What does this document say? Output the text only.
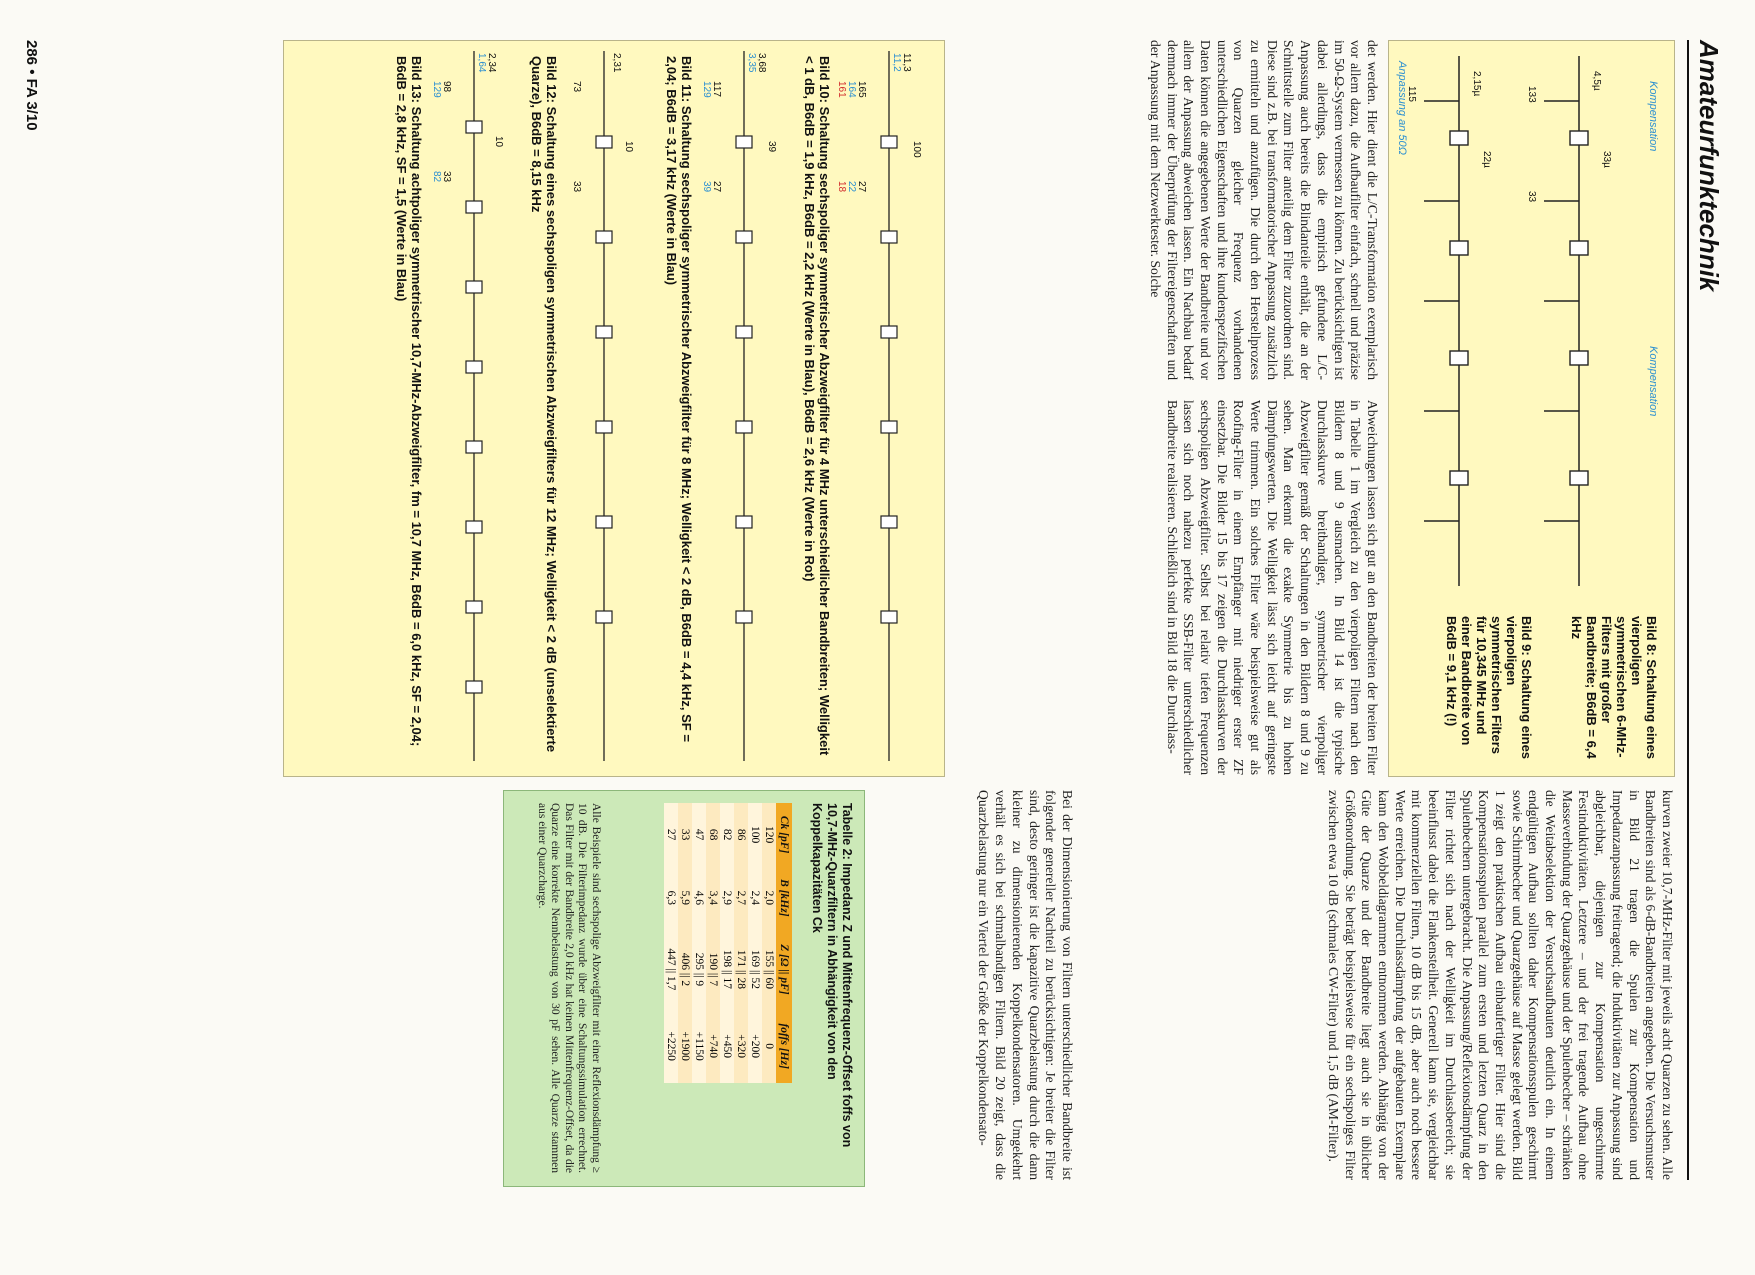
Amateurfunktechnik
Kompensation
Kompensation
4,5µ
33µ
133
33
2,15µ
22µ
115
Anpassung an 50Ω
Bild 8: Schaltung eines vierpoligen symmetrischen 6-MHz-Filters mit großer Bandbreite; B6dB = 6,4 kHz
Bild 9: Schaltung eines vierpoligen symmetrischen Filters für 10,345 MHz und einer Bandbreite von B6dB = 9,1 kHz (!)

det werden. Hier dient die L/C-Transformation exemplarisch vor allem dazu, die Aufbaufilter einfach, schnell und präzise im 50-Ω-System vermessen zu können. Zu berücksichtigen ist dabei allerdings, dass die empirisch gefundene L/C-Anpassung auch bereits die Blindanteile enthält, die an der Schnittstelle zum Filter anteilig dem Filter zuzuordnen sind. Diese sind z.B. bei transformatorischer Anpassung zusätzlich zu ermitteln und anzufügen. Die durch den Herstellprozess von Quarzen gleicher Frequenz vorhandenen unterschiedlichen Eigenschaften und ihre kundenspezifischen Daten können die angegebenen Werte der Bandbreite und vor allem der Anpassung abweichen lassen. Ein Nachbau bedarf demnach immer der Überprüfung der Filtereigenschaften und der Anpassung mit dem Netzwerktester. Solche

Abweichungen lassen sich gut an den Bandbreiten der breiten Filter in Tabelle 1 im Vergleich zu den vierpoligen Filtern nach den Bildern 8 und 9 ausmachen. In Bild 14 ist die typische Durchlasskurve breitbandiger, symmetrischer vierpoliger Abzweigfilter gemäß der Schaltungen in den Bildern 8 und 9 zu sehen. Man erkennt die exakte Symmetrie bis zu hohen Dämpfungswerten. Die Welligkeit lässt sich leicht auf geringste Werte trimmen. Ein solches Filter wäre beispielsweise gut als Roofing-Filter in einem Empfänger mit niedriger erster ZF einsetzbar. Die Bilder 15 bis 17 zeigen die Durchlasskurven der sechspoligen Abzweigfilter. Selbst bei relativ tiefen Frequenzen lassen sich noch nahezu perfekte SSB-Filter unterschiedlicher Bandbreite realisieren. Schließlich sind in Bild 18 die Durchlass-

11,3
11,2
100
165
164
161
27
22
18
3,68
3,35
39
117
129
27
39
2,31
10
73
33
2,34
1,64
10
98
129
33
82	Bild 10: Schaltung sechspoliger symmetrischer Abzweigfilter für 4 MHz unterschiedlicher Bandbreiten; Welligkeit < 1 dB, B6dB = 1,9 kHz, B6dB = 2,2 kHz (Werte in Blau), B6dB = 2,6 kHz (Werte in Rot)
Bild 11: Schaltung sechspoliger symmetrischer Abzweigfilter für 8 MHz; Welligkeit < 2 dB, B6dB = 4,4 kHz, SF = 2,04; B6dB = 3,17 kHz (Werte in Blau)
Bild 12: Schaltung eines sechspoligen symmetrischen Abzweigfilters für 12 MHz; Welligkeit < 2 dB (unselektierte Quarze), B6dB = 8,15 kHz
Bild 13: Schaltung achtpoliger symmetrischer 10,7-MHz-Abzweigfilter, fm = 10,7 MHz, B6dB = 6,0 kHz, SF = 2,04; B6dB = 2,8 kHz, SF = 1,5 (Werte in Blau)

kurven zweier 10,7-MHz-Filter mit jeweils acht Quarzen zu sehen. Alle Bandbreiten sind als 6-dB-Bandbreiten angegeben. Die Versuchsmuster in Bild 21 tragen die Spulen zur Kompensation und Impedanzanpassung freitragend; die Induktivitäten zur Anpassung sind abgleichbar, diejenigen zur Kompensation ungeschirmte Festinduktivitäten. Letztere – und der frei tragende Aufbau ohne Masseverbindung der Quarzgehäuse und der Spulenbecher – schränken die Weitabselektion der Versuchsaufbauten deutlich ein. In einem endgültigen Aufbau sollten daher Kompensationsspulen geschirmt sowie Schirmbecher und Quarzgehäuse auf Masse gelegt werden. Bild 1 zeigt den praktischen Aufbau einbaufertiger Filter. Hier sind die Kompensationsspulen parallel zum ersten und letzten Quarz in den Spulenbechern untergebracht. Die Anpassung/Reflexionsdämpfung der Filter richtet sich nach der Welligkeit im Durchlassbereich; sie beeinflusst dabei die Flankensteilheit. Generell kann sie, vergleichbar mit kommerziellen Filtern, 10 dB bis 15 dB, aber auch noch bessere Werte erreichen. Die Durchlassdämpfung der aufgebauten Exemplare kann den Wobbeldiagrammen entnommen werden. Abhängig von der Güte der Quarze und der Bandbreite liegt auch sie in üblicher Größenordnung. Sie beträgt beispielsweise für ein sechspoliges Filter zwischen etwa 10 dB (schmales CW-Filter) und 1,5 dB (AM-Filter).

Bei der Dimensionierung von Filtern unterschiedlicher Bandbreite ist folgender genereller Nachteil zu berücksichtigen: Je breiter die Filter sind, desto geringer ist die kapazitive Quarzbelastung durch die dann kleiner zu dimensionierenden Koppelkondensatoren. Umgekehrt verhält es sich bei schmalbandigen Filtern. Bild 20 zeigt, dass die Quarzbelastung nur ein Viertel der Größe der Koppelkondensato-

Tabelle 2: Impedanz Z und Mittenfrequenz-Offset foffs von 10,7-MHz-Quarzfiltern in Abhängigkeit von den Koppelkapazitäten Ck
Ck [pF]	B [kHz]	Z [Ω || pF]	foffs [Hz]
120	2,0	155 || 60	0
100	2,4	169 || 52	+200
86	2,7	171 || 28	+320
82	2,9	198 || 17	+450
68	3,4	190 || 7	+740
47	4,6	295 || 9	+1150
33	5,9	406 || 2	+1900
27	6,3	447 || 1,7	+2250
Alle Beispiele sind sechspolige Abzweigfilter mit einer Reflexionsdämpfung ≥ 10 dB. Die Filterimpedanz wurde über eine Schaltungssimulation errechnet. Das Filter mit der Bandbreite 2,0 kHz hat keinen Mittenfrequenz-Offset, da die Quarze eine korrekte Nennbelastung von 30 pF sehen. Alle Quarze stammen aus einer Quarzcharge.
286 • FA 3/10
